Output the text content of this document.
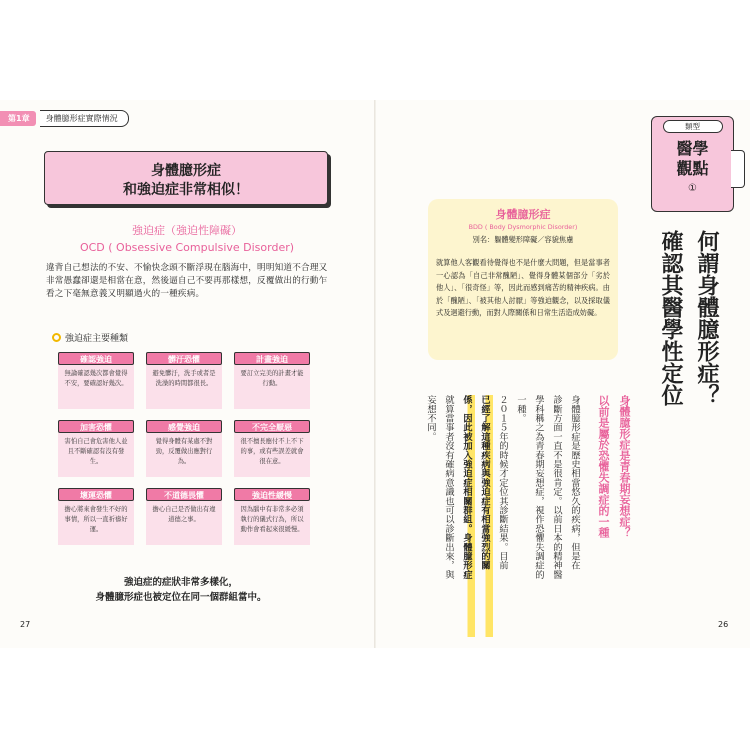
第1章	身體臆形症實際情況
身體臆形症
和強迫症非常相似！
強迫症（強迫性障礙）
OCD ( Obsessive Compulsive Disorder)
違背自己想法的不安、不愉快念頭不斷浮現在腦海中，明明知道不合理又非常愚蠢卻還是相當在意，然後逼自己不要再那樣想，反覆做出的行動乍看之下毫無意義又明顯過火的一種疾病。
強迫症主要種類
確認強迫
無論確認幾次都會覺得不安，要確認好幾次。
髒汙恐懼
避免髒汙，洗手或者是洗澡的時間都很長。
計畫強迫
要訂立完美的計畫才能行動。
加害恐懼
害怕自己會危害他人並且不斷確認有沒有發生。
感覺強迫
覺得身體有某處不對勁，反覆做出應對行為。
不完全厭惡
很不擅長應付不上不下的事，或有些誤差就會很在意。
壞運恐懼
擔心將來會發生不好的事情，所以一直祈禱好運。
不道德畏懼
擔心自己是否做出有違道德之事。
強迫性緩慢
因為腦中有非常多必須執行的儀式行為，所以動作會看起來很緩慢。
強迫症的症狀非常多樣化，
身體臆形症也被定位在同一個群組當中。
27
類型
醫學
觀點
①
何謂身體臆形症？
確認其醫學性定位
身體臆形症是青春期妄想症？
以前是屬於恐懼失調症的一種
身體臆形症是歷史相當悠久的疾病，但是在
診斷方面一直不是很肯定。以前日本的精神醫
學科稱之為青春期妄想症，視作恐懼失調症的
一種。
２０１５年的時候才定位其診斷結果。目前
已經了解這種疾病與強迫症有相當強烈的關
係，因此被加入強迫症相關群組。身體臆形症
就算當事者沒有確病意識也可以診斷出來，與
妄想不同。
身體臆形症
BDD ( Body Dysmorphic Disorder)
別名：軀體變形障礙／容貌焦慮
就算他人客觀看待覺得也不是什麼大問題，但是當事者一心認為「自己非常醜陋」、覺得身體某個部分「劣於他人」、「很奇怪」等，因此而感到痛苦的精神疾病。由於「醜陋」、「被其他人討厭」等強迫觀念，以及採取儀式及迴避行動，而對人際關係和日常生活造成妨礙。
26
